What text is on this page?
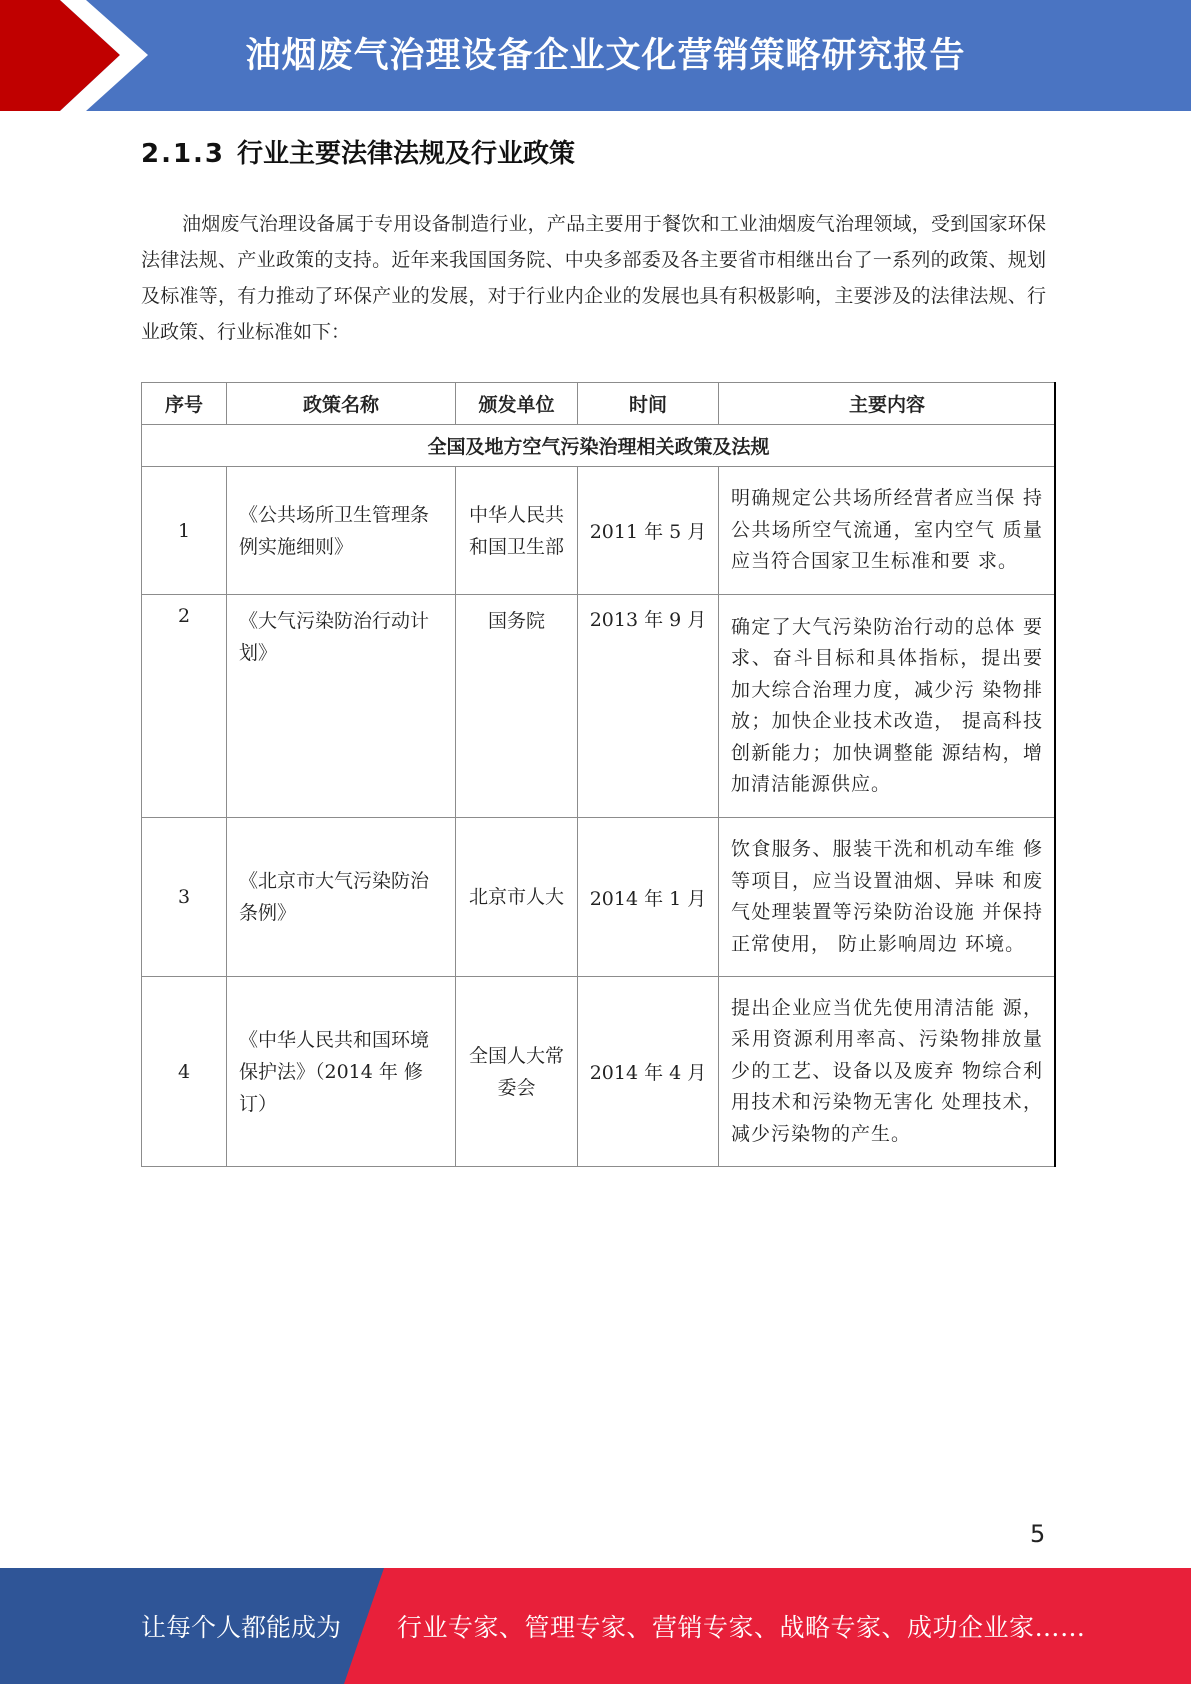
油烟废气治理设备企业文化营销策略研究报告
2.1.3 行业主要法律法规及行业政策

油烟废气治理设备属于专用设备制造行业，产品主要用于餐饮和工业油烟废气治理领域，受到国家环保法律法规、产业政策的支持。近年来我国国务院、中央多部委及各主要省市相继出台了一系列的政策、规划及标准等，有力推动了环保产业的发展，对于行业内企业的发展也具有积极影响，主要涉及的法律法规、行业政策、行业标准如下：

序号	政策名称	颁发单位	时间	主要内容
全国及地方空气污染治理相关政策及法规				
1	《公共场所卫生管理条例实施细则》	中华人民共和国卫生部	2011 年 5 月	明确规定公共场所经营者应当保 持公共场所空气流通，室内空气 质量应当符合国家卫生标准和要 求。
2	《大气污染防治行动计划》	国务院	2013 年 9 月	确定了大气污染防治行动的总体 要求、奋斗目标和具体指标，提出要加大综合治理力度，减少污 染物排放；加快企业技术改造， 提高科技创新能力；加快调整能 源结构，增加清洁能源供应。
3	《北京市大气污染防治条例》	北京市人大	2014 年 1 月	饮食服务、服装干洗和机动车维 修等项目，应当设置油烟、异味 和废气处理装置等污染防治设施 并保持正常使用， 防止影响周边 环境。
4	《中华人民共和国环境保护法》（2014 年 修订）	全国人大常委会	2014 年 4 月	提出企业应当优先使用清洁能 源，采用资源利用率高、污染物排放量少的工艺、设备以及废弃 物综合利用技术和污染物无害化 处理技术， 减少污染物的产生。
5
让每个人都能成为 行业专家、管理专家、营销专家、战略专家、成功企业家……
